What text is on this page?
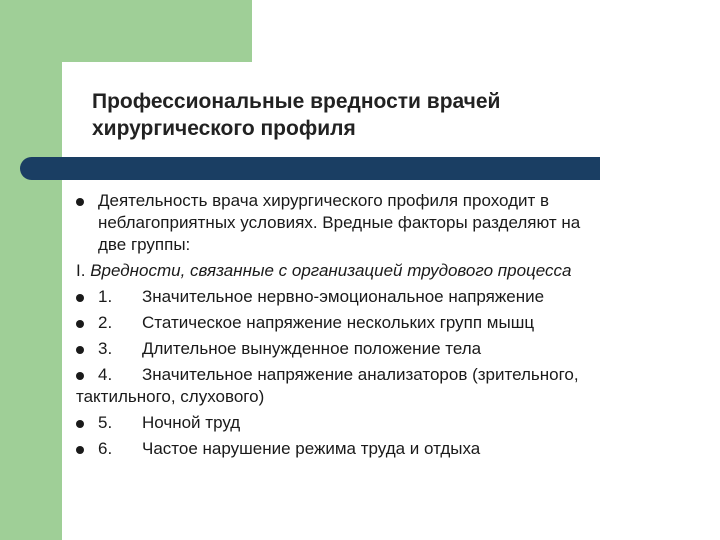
Профессиональные вредности врачей
хирургического профиля
Деятельность врача хирургического профиля проходит в
неблагоприятных условиях. Вредные факторы разделяют на
две группы:
I. Вредности, связанные с организацией трудового процесса
1. Значительное нервно-эмоциональное напряжение
2. Статическое напряжение нескольких групп мышц
3. Длительное вынужденное положение тела
4. Значительное напряжение анализаторов (зрительного,
тактильного, слухового)
5. Ночной труд
6. Частое нарушение режима труда и отдыха
